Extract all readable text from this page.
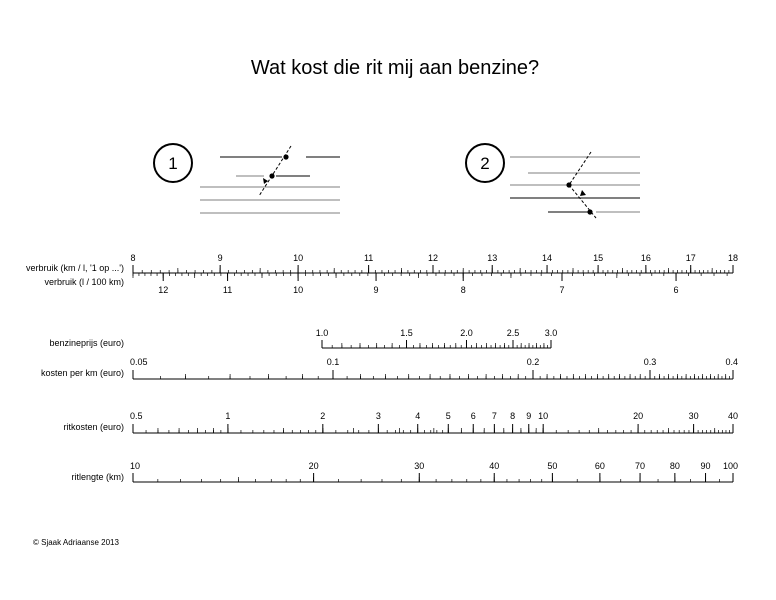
Wat kost die rit mij aan benzine?
1	2
verbruik (km / l, '1 op ...')
verbruik (l / 100 km)
8	9	10	11	12	13	14	15	16	17	18
12	11	10	9	8	7	6
benzineprijs (euro)
1.0	1.5	2.0	2.5	3.0
kosten per km (euro)
0.05	0.1	0.2	0.3	0.4
ritkosten (euro)
0.5	1	2	3	4	5 6 7 8 9 10	20	30	40
ritlengte (km)
10	20	30	40	50	60	70	80 90 100
© Sjaak Adriaanse 2013
